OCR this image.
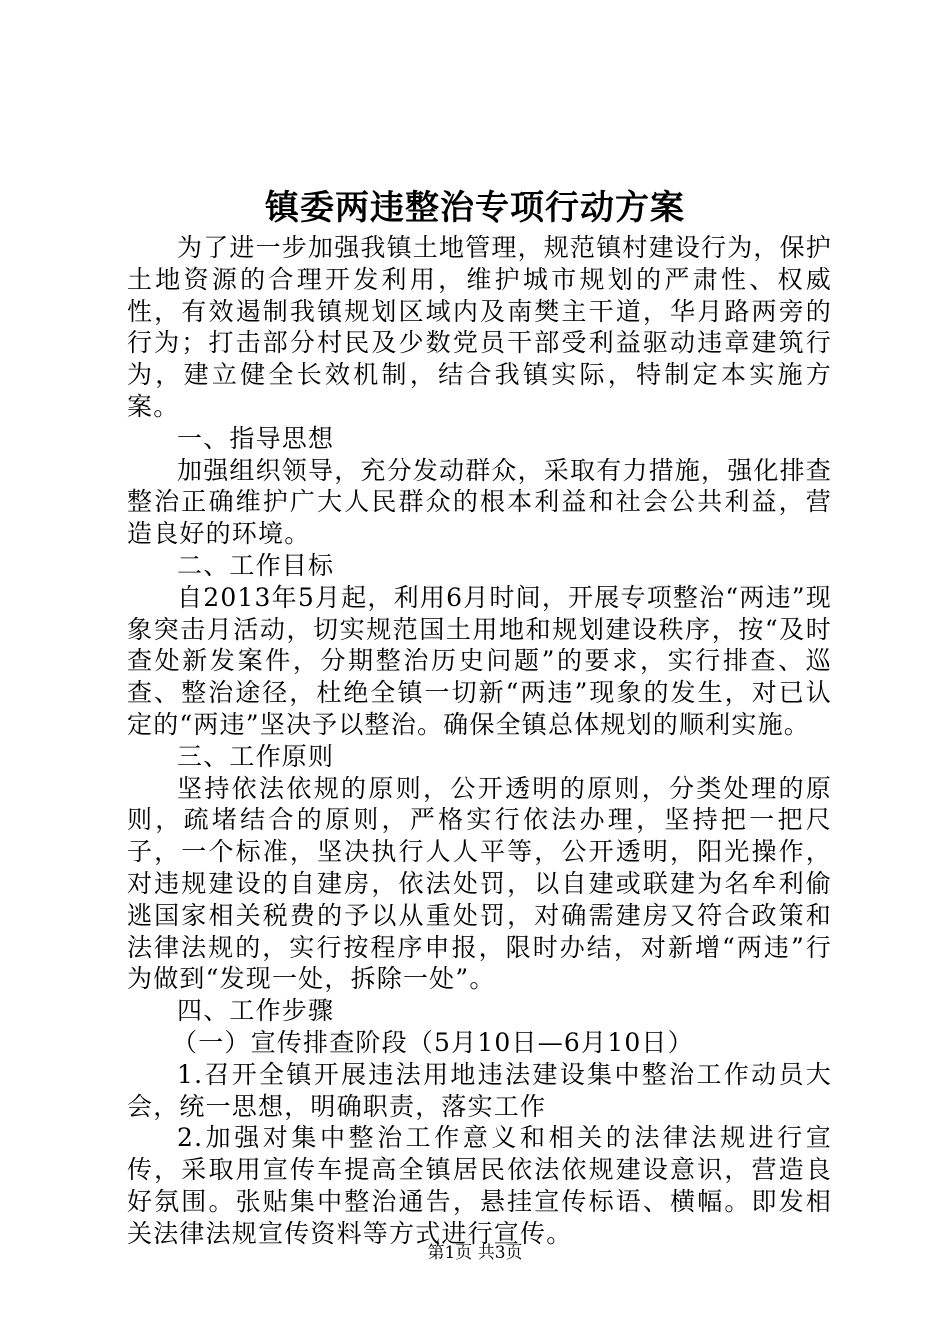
镇委两违整治专项行动方案

为了进一步加强我镇土地管理，规范镇村建设行为，保护土地资源的合理开发利用，维护城市规划的严肃性、权威性，有效遏制我镇规划区域内及南樊主干道，华月路两旁的行为；打击部分村民及少数党员干部受利益驱动违章建筑行为，建立健全长效机制，结合我镇实际，特制定本实施方案。

一、指导思想

加强组织领导，充分发动群众，采取有力措施，强化排查整治正确维护广大人民群众的根本利益和社会公共利益，营造良好的环境。

二、工作目标

自2013年5月起，利用6月时间，开展专项整治“两违”现象突击月活动，切实规范国土用地和规划建设秩序，按“及时查处新发案件，分期整治历史问题”的要求，实行排查、巡查、整治途径，杜绝全镇一切新“两违”现象的发生，对已认定的“两违”坚决予以整治。确保全镇总体规划的顺利实施。

三、工作原则

坚持依法依规的原则，公开透明的原则，分类处理的原则，疏堵结合的原则，严格实行依法办理，坚持把一把尺子，一个标准，坚决执行人人平等，公开透明，阳光操作，对违规建设的自建房，依法处罚，以自建或联建为名牟利偷逃国家相关税费的予以从重处罚，对确需建房又符合政策和法律法规的，实行按程序申报，限时办结，对新增“两违”行为做到“发现一处，拆除一处”。

四、工作步骤

（一）宣传排查阶段（5月10日—6月10日）

1.召开全镇开展违法用地违法建设集中整治工作动员大会，统一思想，明确职责，落实工作

2.加强对集中整治工作意义和相关的法律法规进行宣传，采取用宣传车提高全镇居民依法依规建设意识，营造良好氛围。张贴集中整治通告，悬挂宣传标语、横幅。即发相关法律法规宣传资料等方式进行宣传。

第1页 共3页
